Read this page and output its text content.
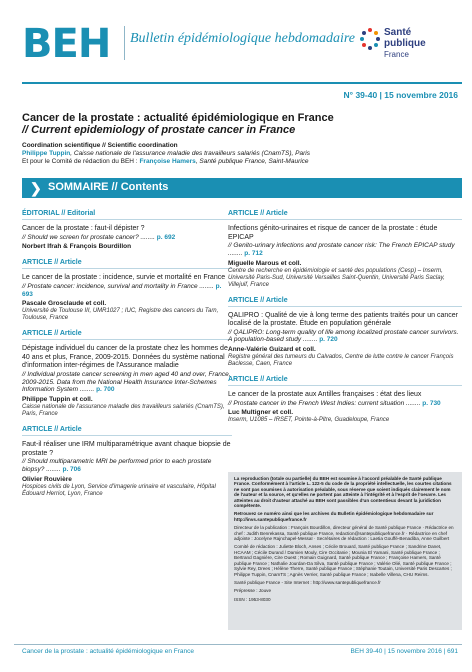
BEH Bulletin épidémiologique hebdomadaire	Santé
publique
France
N° 39-40 | 15 novembre 2016
Cancer de la prostate : actualité épidémiologique en France
// Current epidemiology of prostate cancer in France
Coordination scientifique // Scientific coordination
Philippe Tuppin, Caisse nationale de l'assurance maladie des travailleurs salariés (CnamTS), Paris
Et pour le Comité de rédaction du BEH : Françoise Hamers, Santé publique France, Saint-Maurice
❯ SOMMAIRE // Contents
ÉDITORIAL // Editorial
Cancer de la prostate : faut-il dépister ?
// Should we screen for prostate cancer? ........ p. 692
Norbert Ifrah & François Bourdillon
ARTICLE // Article
Le cancer de la prostate : incidence, survie et mortalité en France
// Prostate cancer: incidence, survival and mortality in France ........ p. 693
Pascale Grosclaude et coll.
Université de Toulouse III, UMR1027 ; IUC, Registre des cancers du Tarn, Toulouse, France
ARTICLE // Article
Dépistage individuel du cancer de la prostate chez les hommes de 40 ans et plus, France, 2009-2015. Données du système national d'information inter-régimes de l'Assurance maladie
// Individual prostate cancer screening in men aged 40 and over, France, 2009-2015. Data from the National Health Insurance Inter-Schemes Information System ........ p. 700
Philippe Tuppin et coll.
Caisse nationale de l'assurance maladie des travailleurs salariés (CnamTS), Paris, France
ARTICLE // Article
Faut-il réaliser une IRM multiparamétrique avant chaque biopsie de prostate ?
// Should multiparametric MRI be performed prior to each prostate biopsy? ........ p. 706
Olivier Rouvière
Hospices civils de Lyon, Service d'imagerie urinaire et vasculaire, Hôpital Édouard Herriot, Lyon, France
ARTICLE // Article
Infections génito-urinaires et risque de cancer de la prostate : étude EPICAP
// Genito-urinary infections and prostate cancer risk: The French EPICAP study ........ p. 712
Miguelle Marous et coll.
Centre de recherche en épidémiologie et santé des populations (Cesp) – Inserm, Université Paris-Sud, Université Versailles Saint-Quentin, Université Paris Saclay, Villejuif, France
ARTICLE // Article
QALIPRO : Qualité de vie à long terme des patients traités pour un cancer localisé de la prostate. Étude en population générale
// QALIPRO: Long-term quality of life among localized prostate cancer survivors. A population-based study ........ p. 720
Anne-Valérie Guizard et coll.
Registre général des tumeurs du Calvados, Centre de lutte contre le cancer François Baclesse, Caen, France
ARTICLE // Article
Le cancer de la prostate aux Antilles françaises : état des lieux
// Prostate cancer in the French West Indies: current situation ........ p. 730
Luc Multigner et coll.
Inserm, U1085 – IRSET, Pointe-à-Pitre, Guadeloupe, France

La reproduction (totale ou partielle) du BEH est soumise à l'accord préalable de Santé publique France. Conformément à l'article L. 122-5 du code de la propriété intellectuelle, les courtes citations ne sont pas soumises à autorisation préalable, sous réserve que soient indiqués clairement le nom de l'auteur et la source, et qu'elles ne portent pas atteinte à l'intégrité et à l'esprit de l'oeuvre. Les atteintes au droit d'auteur attaché au BEH sont passibles d'un contentieux devant la juridiction compétente.

Retrouvez ce numéro ainsi que les archives du Bulletin épidémiologique hebdomadaire sur http://invs.santepubliquefrance.fr

Directeur de la publication : François Bourdillon, directeur général de Santé publique France · Rédactrice en chef : Judith Benrekassa, Santé publique France, redaction@santepubliquefrance.fr · Rédactrice en chef adjointe : Jocelyne Rajnchapel-Messaï · Secrétaires de rédaction : Laetia Gouffé-Benadiba, Anne Guilbert

Comité de rédaction : Juliette Bloch, Anses ; Cécile Brouard, Santé publique France ; Sandrine Danet, HCAAM ; Cécile Durand / Damien Mouly, Cire Occitanie ; Mounia El Yamani, Santé publique France ; Bertrand Gagnière, Cire Ouest ; Romain Guignard, Santé publique France ; Françoise Hamers, Santé publique France ; Nathalie Jourdan-Da Silva, Santé publique France ; Valérie Olié, Santé publique France ; Sylvie Rey, Drees ; Hélène Therre, Santé publique France ; Stéphanie Toutain, Université Paris Descartes ; Philippe Tuppin, CnamTS ; Agnès Verrier, Santé publique France ; Isabelle Villena, CHU Reims.

Santé publique France - Site Internet : http://www.santepubliquefrance.fr

Prépresse : Jouve

ISSN : 1953-8030

Cancer de la prostate : actualité épidémiologique en France	BEH 39-40 | 15 novembre 2016 | 691
